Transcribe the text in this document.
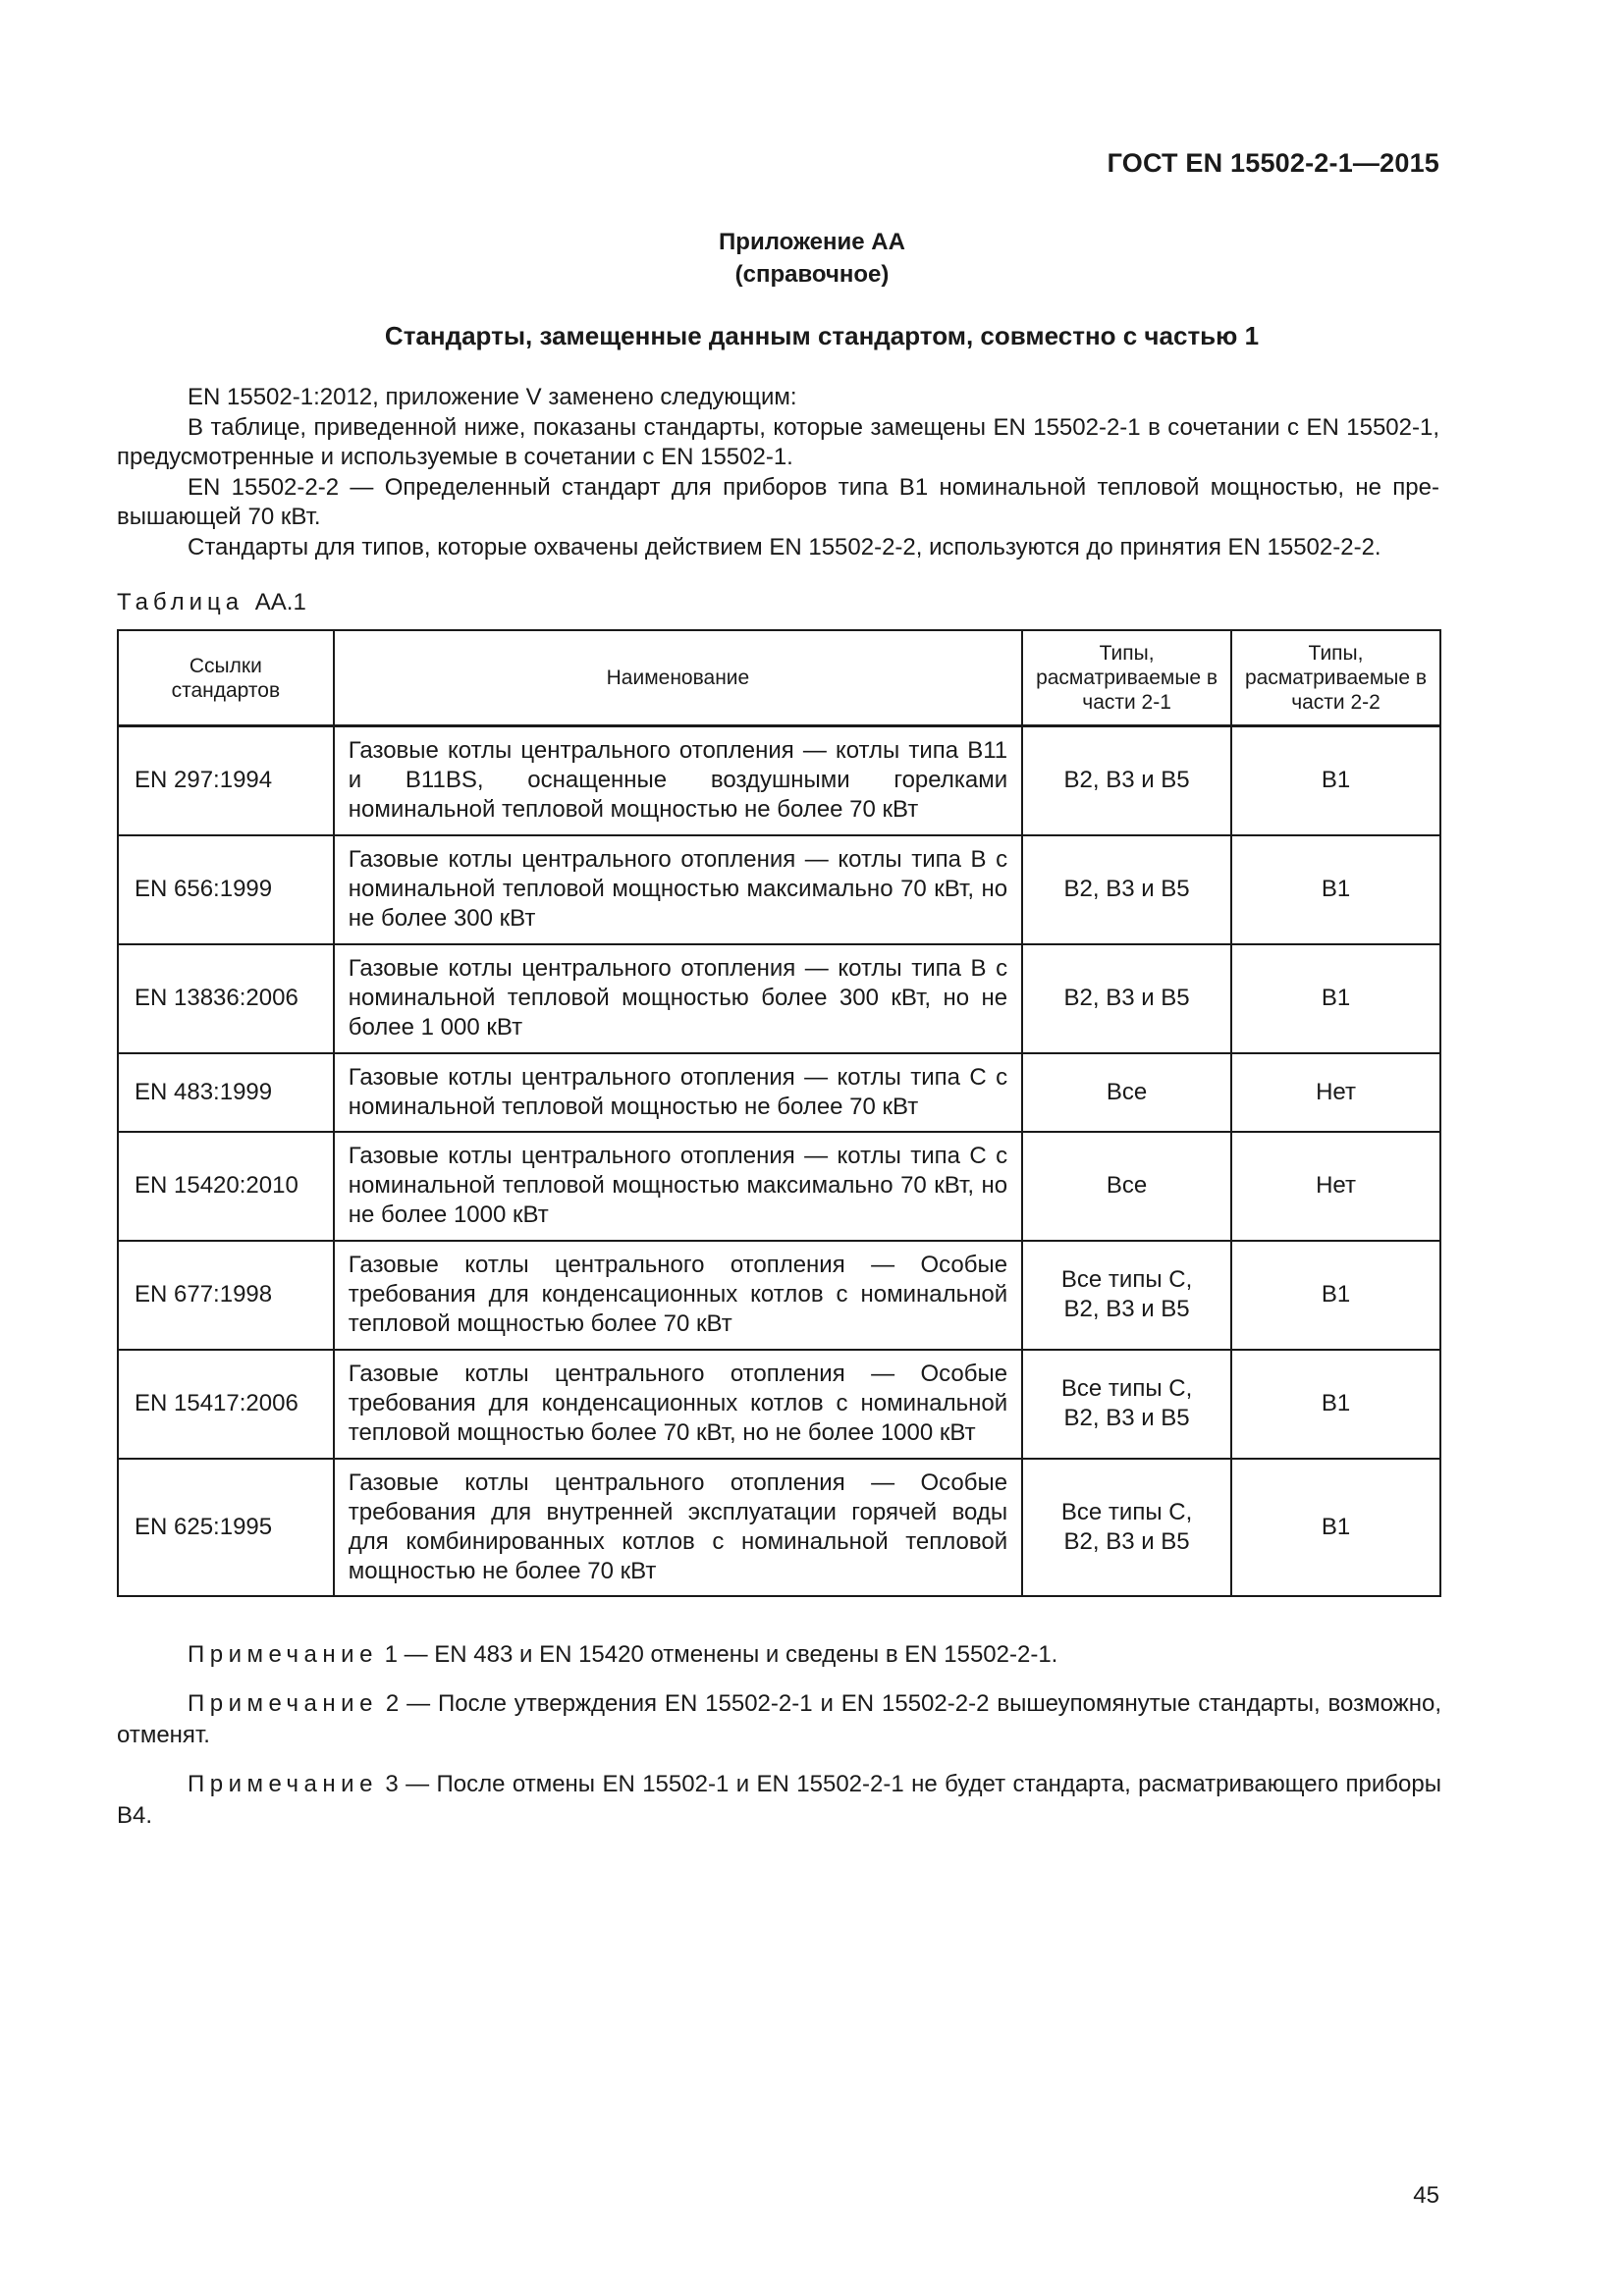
ГОСТ EN 15502-2-1—2015
Приложение АА
(справочное)
Стандарты, замещенные данным стандартом, совместно с частью 1

EN 15502-1:2012, приложение V заменено следующим:

В таблице, приведенной ниже, показаны стандарты, которые замещены EN 15502-2-1 в сочетании с EN 15502-1, предусмотренные и используемые в сочетании с EN 15502-1.

EN 15502-2-2 — Определенный стандарт для приборов типа В1 номинальной тепловой мощностью, не превышающей 70 кВт.

Стандарты для типов, которые охвачены действием EN 15502-2-2, используются до принятия EN 15502-2-2.

Таблица АА.1
Ссылки стандартов	Наименование	Типы, расматриваемые в части 2-1	Типы, расматриваемые в части 2-2

EN 297:1994	Газовые котлы центрального отопления — котлы типа В11 и В11BS, оснащенные воздушными горелками номинальной тепловой мощностью не более 70 кВт	В2, В3 и В5	В1
EN 656:1999	Газовые котлы центрального отопления — котлы типа В с номинальной тепловой мощностью максимально 70 кВт, но не более 300 кВт	В2, В3 и В5	В1
EN 13836:2006	Газовые котлы центрального отопления — котлы типа В с номинальной тепловой мощностью более 300 кВт, но не более 1 000 кВт	В2, В3 и В5	В1
EN 483:1999	Газовые котлы центрального отопления — котлы типа С с номинальной тепловой мощностью не более 70 кВт	Все	Нет
EN 15420:2010	Газовые котлы центрального отопления — котлы типа С с номинальной тепловой мощностью максимально 70 кВт, но не более 1000 кВт	Все	Нет
EN 677:1998	Газовые котлы центрального отопления — Особые требования для конденсационных котлов с номинальной тепловой мощностью более 70 кВт	Все типы С, В2, В3 и В5	В1
EN 15417:2006	Газовые котлы центрального отопления — Особые требования для конденсационных котлов с номинальной тепловой мощностью более 70 кВт, но не более 1000 кВт	Все типы С, В2, В3 и В5	В1
EN 625:1995	Газовые котлы центрального отопления — Особые требования для внутренней эксплуатации горячей воды для комбинированных котлов с номинальной тепловой мощностью не более 70 кВт	Все типы С, В2, В3 и В5	В1

Примечание 1 — EN 483 и EN 15420 отменены и сведены в EN 15502-2-1.

Примечание 2 — После утверждения EN 15502-2-1 и EN 15502-2-2 вышеупомянутые стандарты, возможно, отменят.

Примечание 3 — После отмены EN 15502-1 и EN 15502-2-1 не будет стандарта, расматривающего приборы В4.

45
